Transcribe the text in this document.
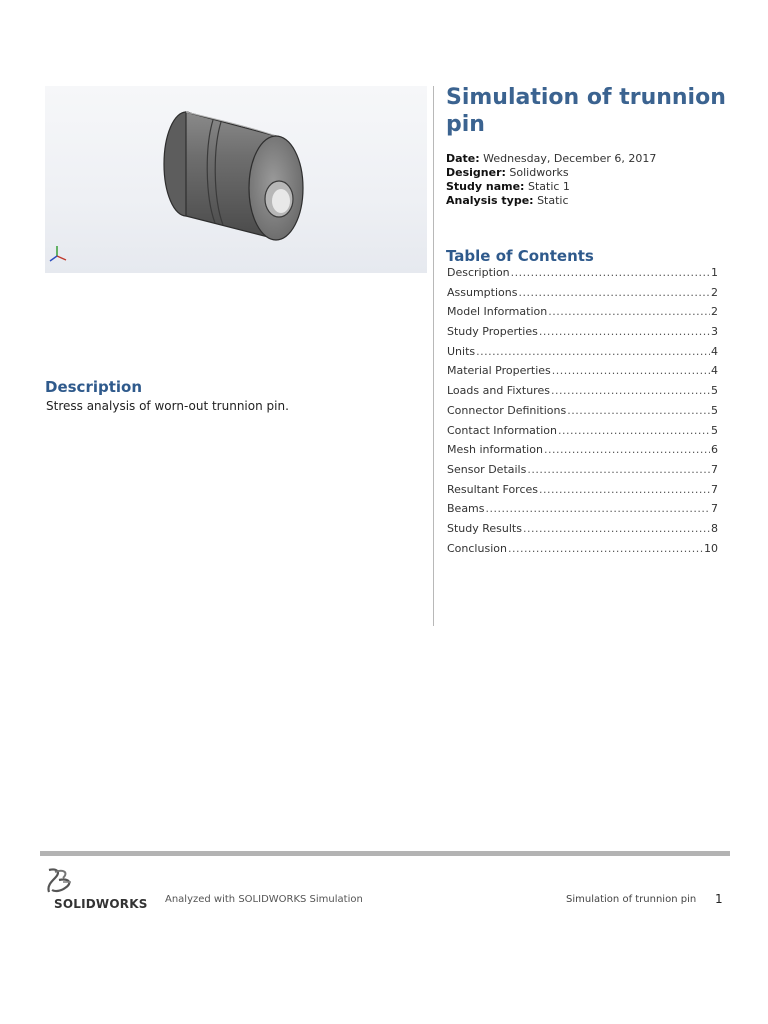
Description
Stress analysis of worn-out trunnion pin.
Simulation of trunnion pin
Date: Wednesday, December 6, 2017
Designer: Solidworks
Study name: Static 1
Analysis type: Static
Table of Contents
Description .....	1
Assumptions .....	2
Model Information .....	2
Study Properties .....	3
Units .....	4
Material Properties .....	4
Loads and Fixtures .....	5
Connector Definitions .....	5
Contact Information .....	5
Mesh information .....	6
Sensor Details .....	7
Resultant Forces .....	7
Beams .....	7
Study Results .....	8
Conclusion .....	10
SOLIDWORKS Analyzed with SOLIDWORKS Simulation	Simulation of trunnion pin 1
